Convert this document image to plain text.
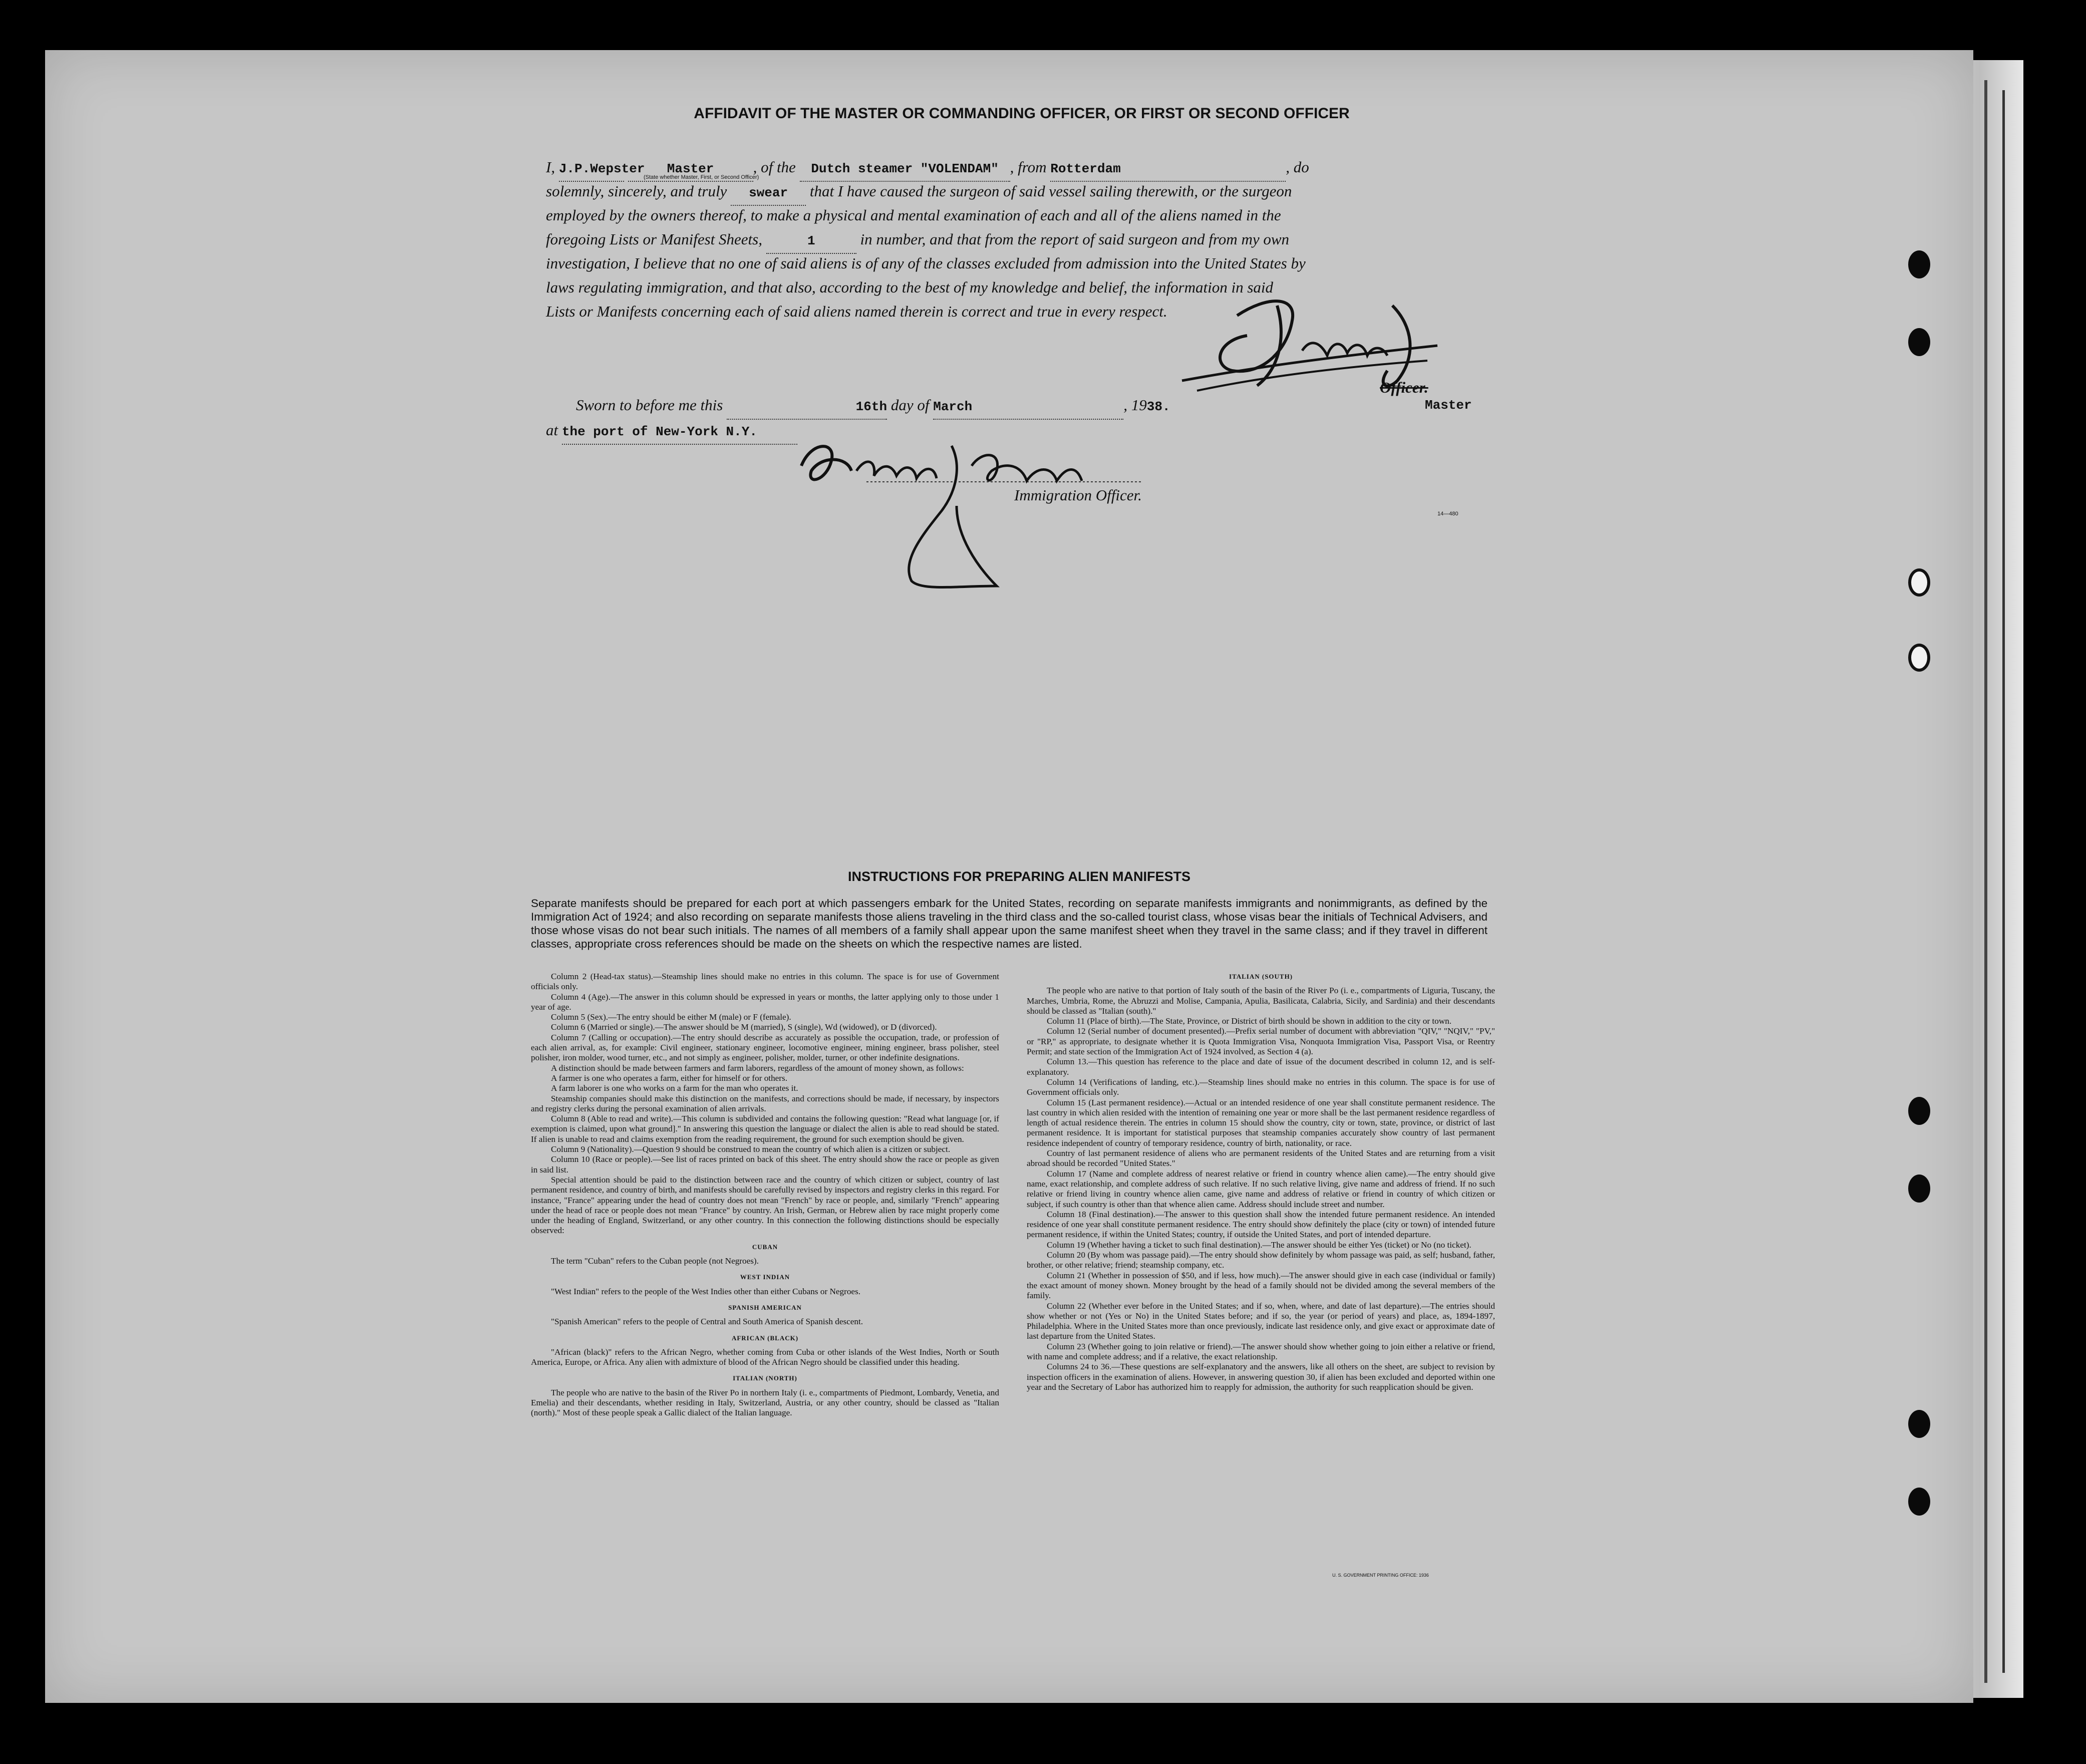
AFFIDAVIT OF THE MASTER OR COMMANDING OFFICER, OR FIRST OR SECOND OFFICER
I, J.P.Wepster Master	, of the Dutch steamer "VOLENDAM" , from Rotterdam	, do
(State whether Master, First, or Second Officer)
solemnly, sincerely, and truly swear that I have caused the surgeon of said vessel sailing therewith, or the surgeon
employed by the owners thereof, to make a physical and mental examination of each and all of the aliens named in the
foregoing Lists or Manifest Sheets,	1	in number, and that from the report of said surgeon and from my own
investigation, I believe that no one of said aliens is of any of the classes excluded from admission into the United States by
laws regulating immigration, and that also, according to the best of my knowledge and belief, the information in said
Lists or Manifests concerning each of said aliens named therein is correct and true in every respect.
Officer.
Sworn to before me this	16th day of March	, 1938.	Master
at the port of New-York N.Y.
Immigration Officer.
14—480
INSTRUCTIONS FOR PREPARING ALIEN MANIFESTS
Separate manifests should be prepared for each port at which passengers embark for the United States, recording on separate manifests immigrants and nonimmigrants, as defined by the Immigration Act of 1924; and also recording on separate manifests those aliens traveling in the third class and the so-called tourist class, whose visas bear the initials of Technical Advisers, and those whose visas do not bear such initials. The names of all members of a family shall appear upon the same manifest sheet when they travel in the same class; and if they travel in different classes, appropriate cross references should be made on the sheets on which the respective names are listed.

Column 2 (Head-tax status).—Steamship lines should make no entries in this column. The space is for use of Government officials only.

Column 4 (Age).—The answer in this column should be expressed in years or months, the latter applying only to those under 1 year of age.

Column 5 (Sex).—The entry should be either M (male) or F (female).

Column 6 (Married or single).—The answer should be M (married), S (single), Wd (widowed), or D (divorced).

Column 7 (Calling or occupation).—The entry should describe as accurately as possible the occupation, trade, or profession of each alien arrival, as, for example: Civil engineer, stationary engineer, locomotive engineer, mining engineer, brass polisher, steel polisher, iron molder, wood turner, etc., and not simply as engineer, polisher, molder, turner, or other indefinite designations.

A distinction should be made between farmers and farm laborers, regardless of the amount of money shown, as follows:

A farmer is one who operates a farm, either for himself or for others.

A farm laborer is one who works on a farm for the man who operates it.

Steamship companies should make this distinction on the manifests, and corrections should be made, if necessary, by inspectors and registry clerks during the personal examination of alien arrivals.

Column 8 (Able to read and write).—This column is subdivided and contains the following question: "Read what language [or, if exemption is claimed, upon what ground]." In answering this question the language or dialect the alien is able to read should be stated. If alien is unable to read and claims exemption from the reading requirement, the ground for such exemption should be given.

Column 9 (Nationality).—Question 9 should be construed to mean the country of which alien is a citizen or subject.

Column 10 (Race or people).—See list of races printed on back of this sheet. The entry should show the race or people as given in said list.

Special attention should be paid to the distinction between race and the country of which citizen or subject, country of last permanent residence, and country of birth, and manifests should be carefully revised by inspectors and registry clerks in this regard. For instance, "France" appearing under the head of country does not mean "French" by race or people, and, similarly "French" appearing under the head of race or people does not mean "France" by country. An Irish, German, or Hebrew alien by race might properly come under the heading of England, Switzerland, or any other country. In this connection the following distinctions should be especially observed:

CUBAN

The term "Cuban" refers to the Cuban people (not Negroes).

WEST INDIAN

"West Indian" refers to the people of the West Indies other than either Cubans or Negroes.

SPANISH AMERICAN

"Spanish American" refers to the people of Central and South America of Spanish descent.

AFRICAN (BLACK)

"African (black)" refers to the African Negro, whether coming from Cuba or other islands of the West Indies, North or South America, Europe, or Africa. Any alien with admixture of blood of the African Negro should be classified under this heading.

ITALIAN (NORTH)

The people who are native to the basin of the River Po in northern Italy (i. e., compartments of Piedmont, Lombardy, Venetia, and Emelia) and their descendants, whether residing in Italy, Switzerland, Austria, or any other country, should be classed as "Italian (north)." Most of these people speak a Gallic dialect of the Italian language.

ITALIAN (SOUTH)

The people who are native to that portion of Italy south of the basin of the River Po (i. e., compartments of Liguria, Tuscany, the Marches, Umbria, Rome, the Abruzzi and Molise, Campania, Apulia, Basilicata, Calabria, Sicily, and Sardinia) and their descendants should be classed as "Italian (south)."

Column 11 (Place of birth).—The State, Province, or District of birth should be shown in addition to the city or town.

Column 12 (Serial number of document presented).—Prefix serial number of document with abbreviation "QIV," "NQIV," "PV," or "RP," as appropriate, to designate whether it is Quota Immigration Visa, Nonquota Immigration Visa, Passport Visa, or Reentry Permit; and state section of the Immigration Act of 1924 involved, as Section 4 (a).

Column 13.—This question has reference to the place and date of issue of the document described in column 12, and is self-explanatory.

Column 14 (Verifications of landing, etc.).—Steamship lines should make no entries in this column. The space is for use of Government officials only.

Column 15 (Last permanent residence).—Actual or an intended residence of one year shall constitute permanent residence. The last country in which alien resided with the intention of remaining one year or more shall be the last permanent residence regardless of length of actual residence therein. The entries in column 15 should show the country, city or town, state, province, or district of last permanent residence. It is important for statistical purposes that steamship companies accurately show country of last permanent residence independent of country of temporary residence, country of birth, nationality, or race.

Country of last permanent residence of aliens who are permanent residents of the United States and are returning from a visit abroad should be recorded "United States."

Column 17 (Name and complete address of nearest relative or friend in country whence alien came).—The entry should give name, exact relationship, and complete address of such relative. If no such relative living, give name and address of friend. If no such relative or friend living in country whence alien came, give name and address of relative or friend in country of which citizen or subject, if such country is other than that whence alien came. Address should include street and number.

Column 18 (Final destination).—The answer to this question shall show the intended future permanent residence. An intended residence of one year shall constitute permanent residence. The entry should show definitely the place (city or town) of intended future permanent residence, if within the United States; country, if outside the United States, and port of intended departure.

Column 19 (Whether having a ticket to such final destination).—The answer should be either Yes (ticket) or No (no ticket).

Column 20 (By whom was passage paid).—The entry should show definitely by whom passage was paid, as self; husband, father, brother, or other relative; friend; steamship company, etc.

Column 21 (Whether in possession of $50, and if less, how much).—The answer should give in each case (individual or family) the exact amount of money shown. Money brought by the head of a family should not be divided among the several members of the family.

Column 22 (Whether ever before in the United States; and if so, when, where, and date of last departure).—The entries should show whether or not (Yes or No) in the United States before; and if so, the year (or period of years) and place, as, 1894-1897, Philadelphia. Where in the United States more than once previously, indicate last residence only, and give exact or approximate date of last departure from the United States.

Column 23 (Whether going to join relative or friend).—The answer should show whether going to join either a relative or friend, with name and complete address; and if a relative, the exact relationship.

Columns 24 to 36.—These questions are self-explanatory and the answers, like all others on the sheet, are subject to revision by inspection officers in the examination of aliens. However, in answering question 30, if alien has been excluded and deported within one year and the Secretary of Labor has authorized him to reapply for admission, the authority for such reapplication should be given.

U. S. GOVERNMENT PRINTING OFFICE: 1936
